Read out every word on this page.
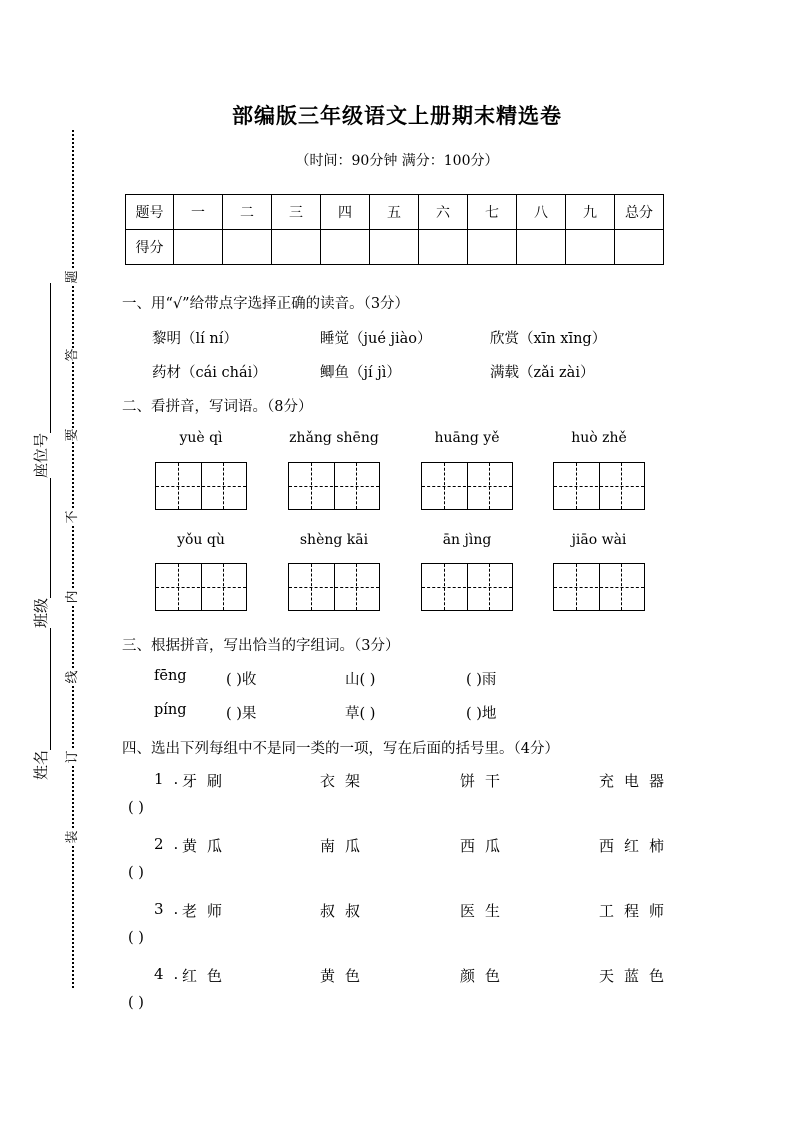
题
答
要
不
内
线
订
装
座位号
班级
姓名
部编版三年级语文上册期末精选卷
（时间：90分钟 满分：100分）
题号	一	二	三	四	五	六	七	八	九	总分
得分										
一、用“√”给带点字选择正确的读音。（3分）
黎明（lí ní）	睡觉（jué jiào）	欣赏（xīn xīng）
药材（cái chái）	鲫鱼（jí jì）	满载（zǎi zài）
二、看拼音，写词语。（8分）
yuè qì	zhǎng shēng	huāng yě	huò zhě
yǒu qù	shèng kāi	ān jìng	jiāo wài
三、根据拼音，写出恰当的字组词。（3分）
fēng	( )收	山( )	( )雨
píng	( )果	草( )	( )地
四、选出下列每组中不是同一类的一项，写在后面的括号里。（4分）
1.
牙刷	衣架	饼干	充电器
( )
2.
黄瓜	南瓜	西瓜	西红柿
( )
3.
老师	叔叔	医生	工程师
( )
4.
红色	黄色	颜色	天蓝色
( )
